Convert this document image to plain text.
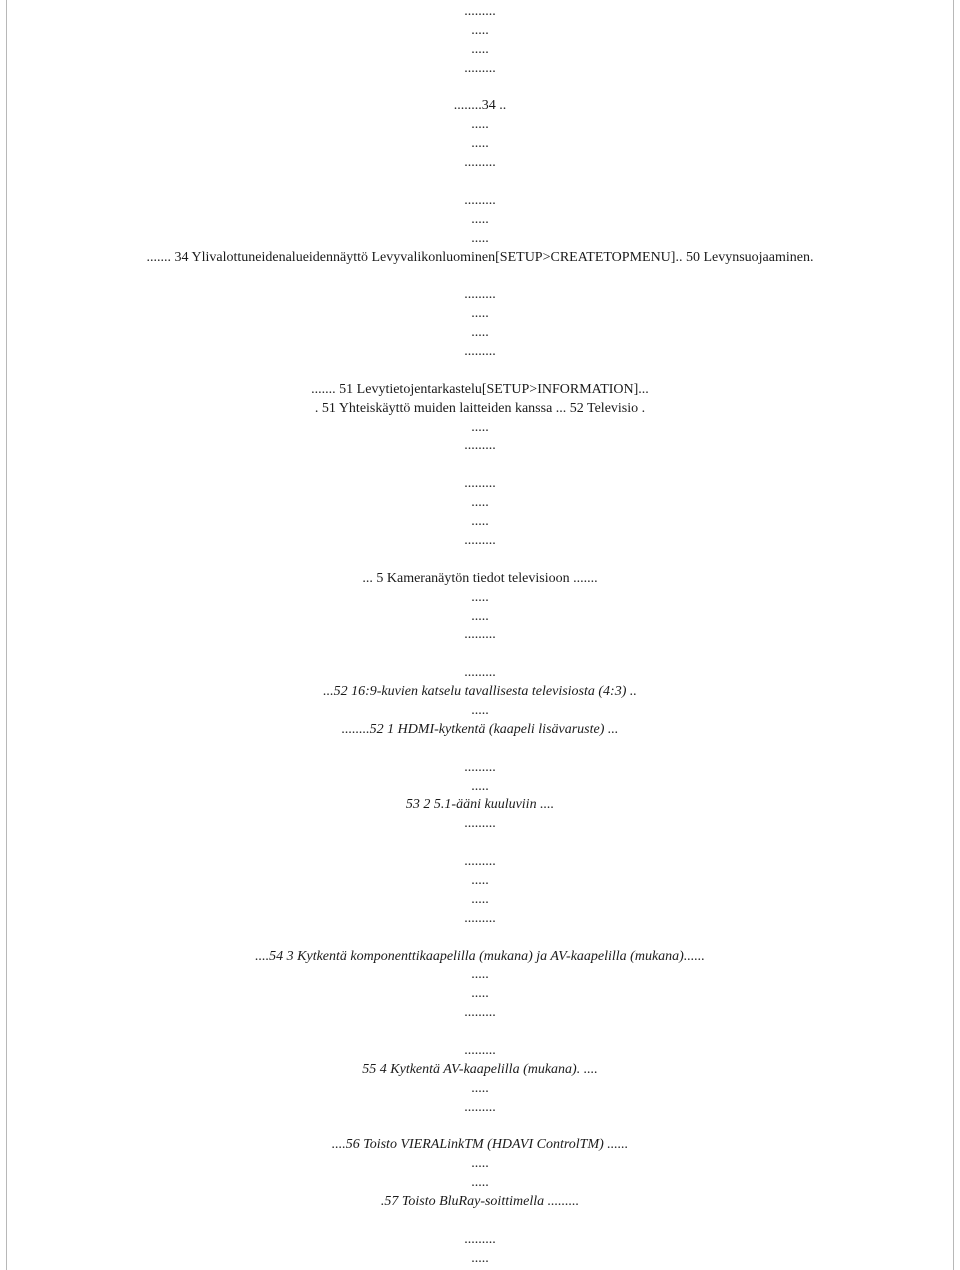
.........
.....
.....
.........
........34 ..
.....
.....
.........
.........
.....
.....
....... 34 Ylivalottuneidenalueidennäyttö Levyvalikonluominen[SETUP>CREATETOPMENU].. 50 Levynsuojaaminen.
.........
.....
.....
.........
....... 51 Levytietojentarkastelu[SETUP>INFORMATION]...
. 51 Yhteiskäyttö muiden laitteiden kanssa ... 52 Televisio .
.....
.........
.........
.....
.....
.........
... 5 Kameranäytön tiedot televisioon .......
.....
.....
.........
.........
...52 16:9-kuvien katselu tavallisesta televisiosta (4:3) ..
.....
........52 1 HDMI-kytkentä (kaapeli lisävaruste) ...
.........
.....
53 2 5.1-ääni kuuluviin ....
.........
.........
.....
.....
.........
....54 3 Kytkentä komponenttikaapelilla (mukana) ja AV-kaapelilla (mukana)......
.....
.....
.........
.........
55 4 Kytkentä AV-kaapelilla (mukana). ....
.....
.........
....56 Toisto VIERALinkTM (HDAVI ControlTM) ......
.....
.....
.57 Toisto BluRay-soittimella .........
.........
.....
